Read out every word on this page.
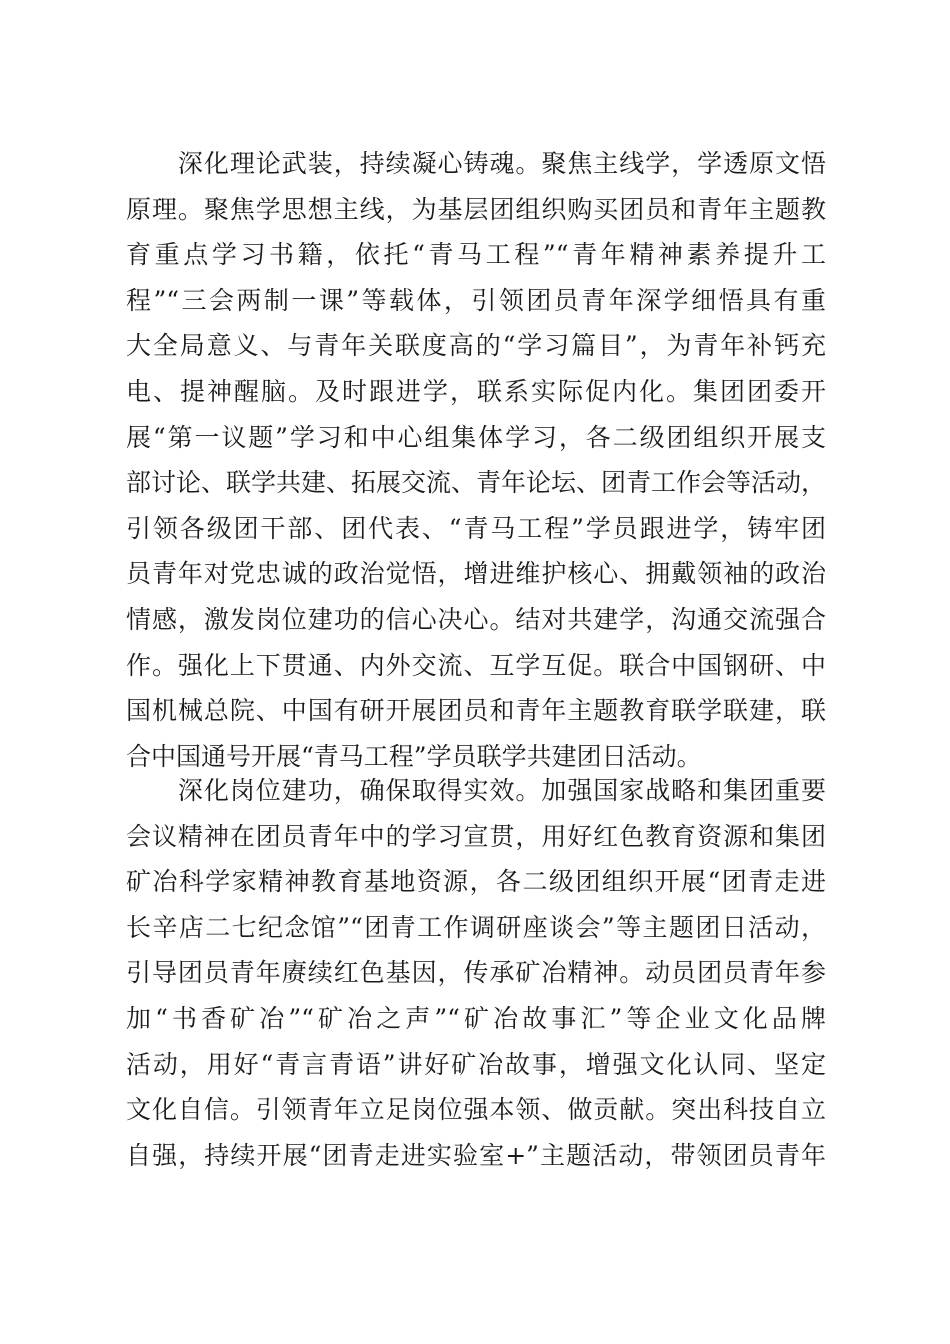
　　深化理论武装，持续凝心铸魂。聚焦主线学，学透原文悟
原理。聚焦学思想主线，为基层团组织购买团员和青年主题教
育重点学习书籍，依托“青马工程”“青年精神素养提升工
程”“三会两制一课”等载体，引领团员青年深学细悟具有重
大全局意义、与青年关联度高的“学习篇目”，为青年补钙充
电、提神醒脑。及时跟进学，联系实际促内化。集团团委开
展“第一议题”学习和中心组集体学习，各二级团组织开展支
部讨论、联学共建、拓展交流、青年论坛、团青工作会等活动，
引领各级团干部、团代表、“青马工程”学员跟进学，铸牢团
员青年对党忠诚的政治觉悟，增进维护核心、拥戴领袖的政治
情感，激发岗位建功的信心决心。结对共建学，沟通交流强合
作。强化上下贯通、内外交流、互学互促。联合中国钢研、中
国机械总院、中国有研开展团员和青年主题教育联学联建，联
合中国通号开展“青马工程”学员联学共建团日活动。
　　深化岗位建功，确保取得实效。加强国家战略和集团重要
会议精神在团员青年中的学习宣贯，用好红色教育资源和集团
矿冶科学家精神教育基地资源，各二级团组织开展“团青走进
长辛店二七纪念馆”“团青工作调研座谈会”等主题团日活动，
引导团员青年赓续红色基因，传承矿冶精神。动员团员青年参
加“书香矿冶”“矿冶之声”“矿冶故事汇”等企业文化品牌
活动，用好“青言青语”讲好矿冶故事，增强文化认同、坚定
文化自信。引领青年立足岗位强本领、做贡献。突出科技自立
自强，持续开展“团青走进实验室+”主题活动，带领团员青年
